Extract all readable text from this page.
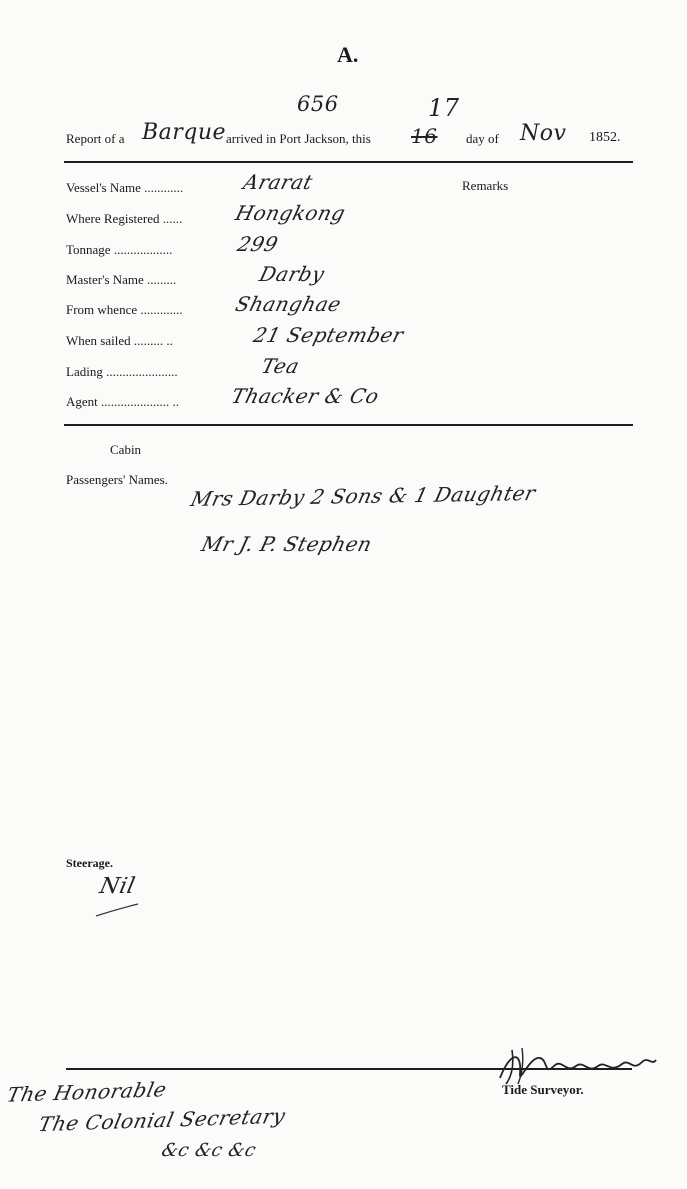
A.
656
Report of a Barque arrived in Port Jackson, this 16
17
day of Nov 1852.
Remarks
Vessel's Name ............	Ararat
Where Registered ......	Hongkong
Tonnage ..................	299
Master's Name .........	Darby
From whence .............	Shanghae
When sailed ......... ..	21 September
Lading ......................	Tea
Agent ..................... .. Thacker & Co
Cabin
Passengers' Names.
Mrs Darby 2 Sons & 1 Daughter
Mr J. P. Stephen
Steerage.
Nil
Tide Surveyor.
The Honorable
The Colonial Secretary
&c &c &c
